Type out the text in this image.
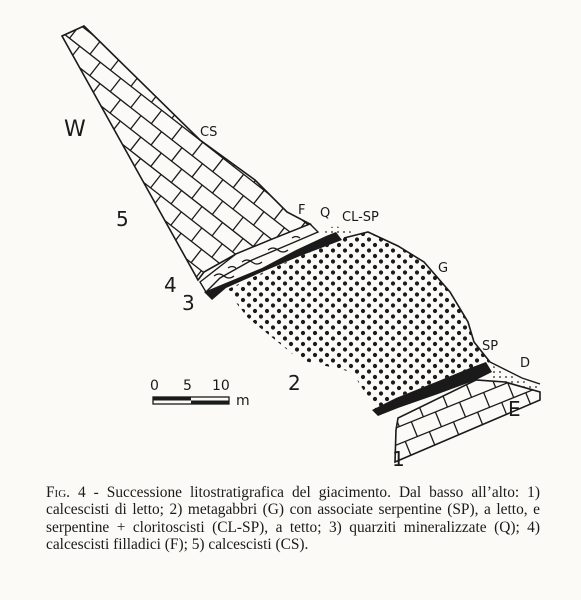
W	CS
5	F Q CL-SP
G
4
3
SP
D
2
E
1
0 5 10
m
Fig. 4 - Successione litostratigrafica del giacimento. Dal basso all’alto: 1) calcescisti di letto; 2) metagabbri (G) con associate serpentine (SP), a letto, e serpentine + cloritoscisti (CL-SP), a tetto; 3) quarziti mineralizzate (Q); 4) calcescisti filladici (F); 5) calcescisti (CS).
